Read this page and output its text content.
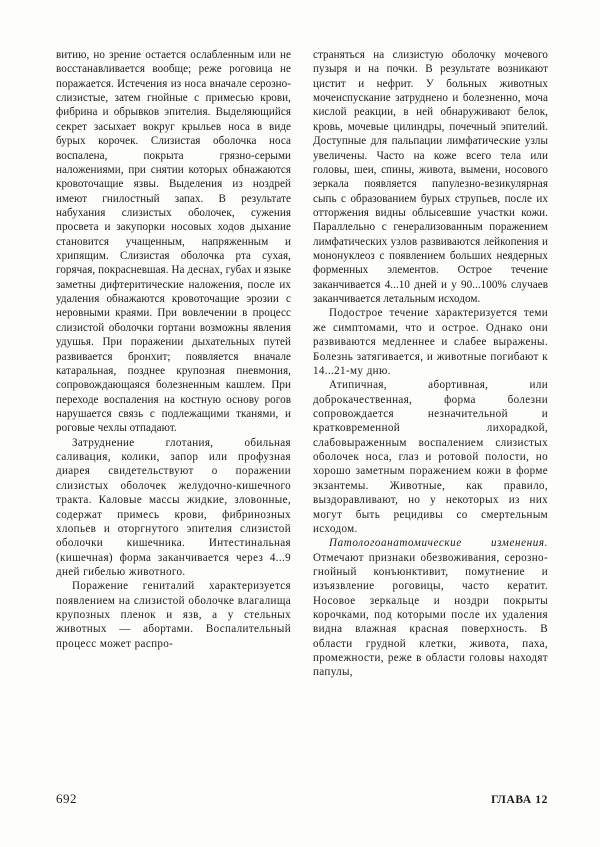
витию, но зрение остается ослабленным или не восстанавливается вообще; реже роговица не поражается. Истечения из носа вначале серозно-слизистые, затем гнойные с примесью крови, фибрина и обрывков эпителия. Выделяющийся секрет засыхает вокруг крыльев носа в виде бурых корочек. Слизистая оболочка носа воспалена, покрыта грязно-серыми наложениями, при снятии которых обнажаются кровоточащие язвы. Выделения из ноздрей имеют гнилостный запах. В результате набухания слизистых оболочек, сужения просвета и закупорки носовых ходов дыхание становится учащенным, напряженным и хрипящим. Слизистая оболочка рта сухая, горячая, покрасневшая. На деснах, губах и языке заметны дифтеритические наложения, после их удаления обнажаются кровоточащие эрозии с неровными краями. При вовлечении в процесс слизистой оболочки гортани возможны явления удушья. При поражении дыхательных путей развивается бронхит; появляется вначале катаральная, позднее крупозная пневмония, сопровождающаяся болезненным кашлем. При переходе воспаления на костную основу рогов нарушается связь с подлежащими тканями, и роговые чехлы отпадают.

Затруднение глотания, обильная саливация, колики, запор или профузная диарея свидетельствуют о поражении слизистых оболочек желудочно-кишечного тракта. Каловые массы жидкие, зловонные, содержат примесь крови, фибринозных хлопьев и оторгнутого эпителия слизистой оболочки кишечника. Интестинальная (кишечная) форма заканчивается через 4...9 дней гибелью животного.

Поражение гениталий характеризуется появлением на слизистой оболочке влагалища крупозных пленок и язв, а у стельных животных — абортами. Воспалительный процесс может распро-

страняться на слизистую оболочку мочевого пузыря и на почки. В результате возникают цистит и нефрит. У больных животных мочеиспускание затруднено и болезненно, моча кислой реакции, в ней обнаруживают белок, кровь, мочевые цилиндры, почечный эпителий. Доступные для пальпации лимфатические узлы увеличены. Часто на коже всего тела или головы, шеи, спины, живота, вымени, носового зеркала появляется папулезно-везикулярная сыпь с образованием бурых струпьев, после их отторжения видны облысевшие участки кожи. Параллельно с генерализованным поражением лимфатических узлов развиваются лейкопения и мононуклеоз с появлением больших неядерных форменных элементов. Острое течение заканчивается 4...10 дней и у 90...100% случаев заканчивается летальным исходом.

Подострое течение характеризуется теми же симптомами, что и острое. Однако они развиваются медленнее и слабее выражены. Болезнь затягивается, и животные погибают к 14...21-му дню.

Атипичная, абортивная, или доброкачественная, форма болезни сопровождается незначительной и кратковременной лихорадкой, слабовыраженным воспалением слизистых оболочек носа, глаз и ротовой полости, но хорошо заметным поражением кожи в форме экзантемы. Животные, как правило, выздоравливают, но у некоторых из них могут быть рецидивы со смертельным исходом.

Патологоанатомические изменения. Отмечают признаки обезвоживания, серозно-гнойный конъюнктивит, помутнение и изъязвление роговицы, часто кератит. Носовое зеркальце и ноздри покрыты корочками, под которыми после их удаления видна влажная красная поверхность. В области грудной клетки, живота, паха, промежности, реже в области головы находят папулы,

692	ГЛАВА 12
